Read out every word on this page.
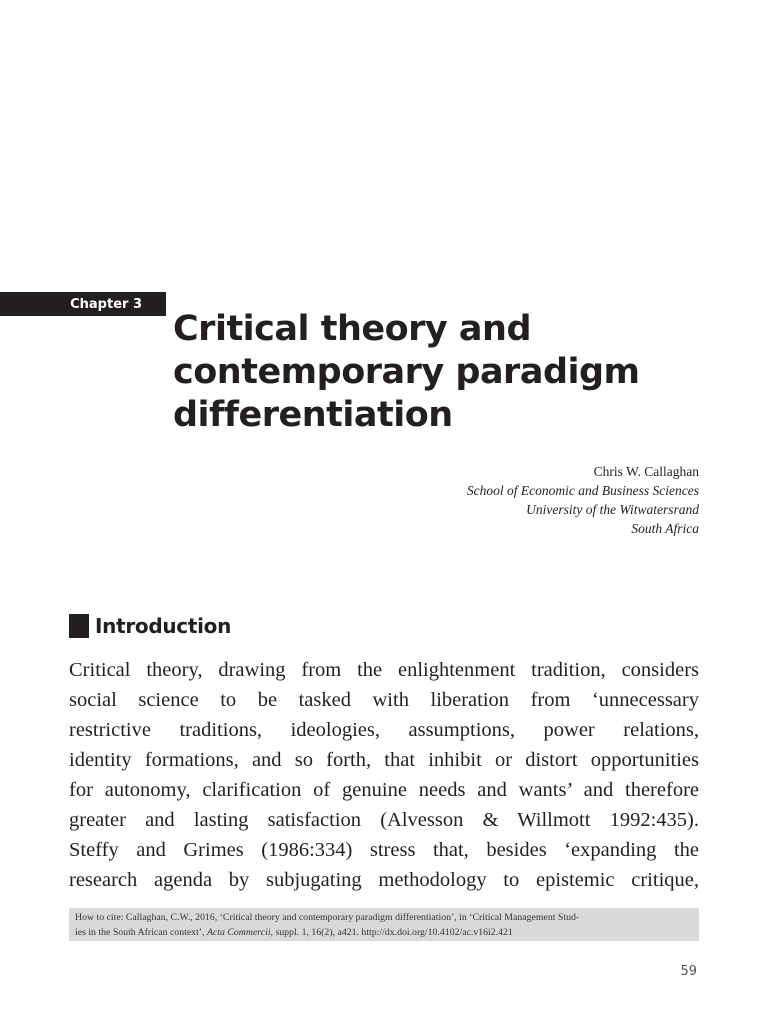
Chapter 3
Critical theory and
contemporary paradigm
differentiation
Chris W. Callaghan
School of Economic and Business Sciences
University of the Witwatersrand
South Africa
Introduction
Critical theory, drawing from the enlightenment tradition, considers
social science to be tasked with liberation from ‘unnecessary
restrictive traditions, ideologies, assumptions, power relations,
identity formations, and so forth, that inhibit or distort opportunities
for autonomy, clarification of genuine needs and wants’ and therefore
greater and lasting satisfaction (Alvesson & Willmott 1992:435).
Steffy and Grimes (1986:334) stress that, besides ‘expanding the
research agenda by subjugating methodology to epistemic critique,
How to cite: Callaghan, C.W., 2016, ‘Critical theory and contemporary paradigm differentiation’, in ‘Critical Management Stud-
ies in the South African context’, Acta Commercii, suppl. 1, 16(2), a421. http://dx.doi.org/10.4102/ac.v16i2.421
59
